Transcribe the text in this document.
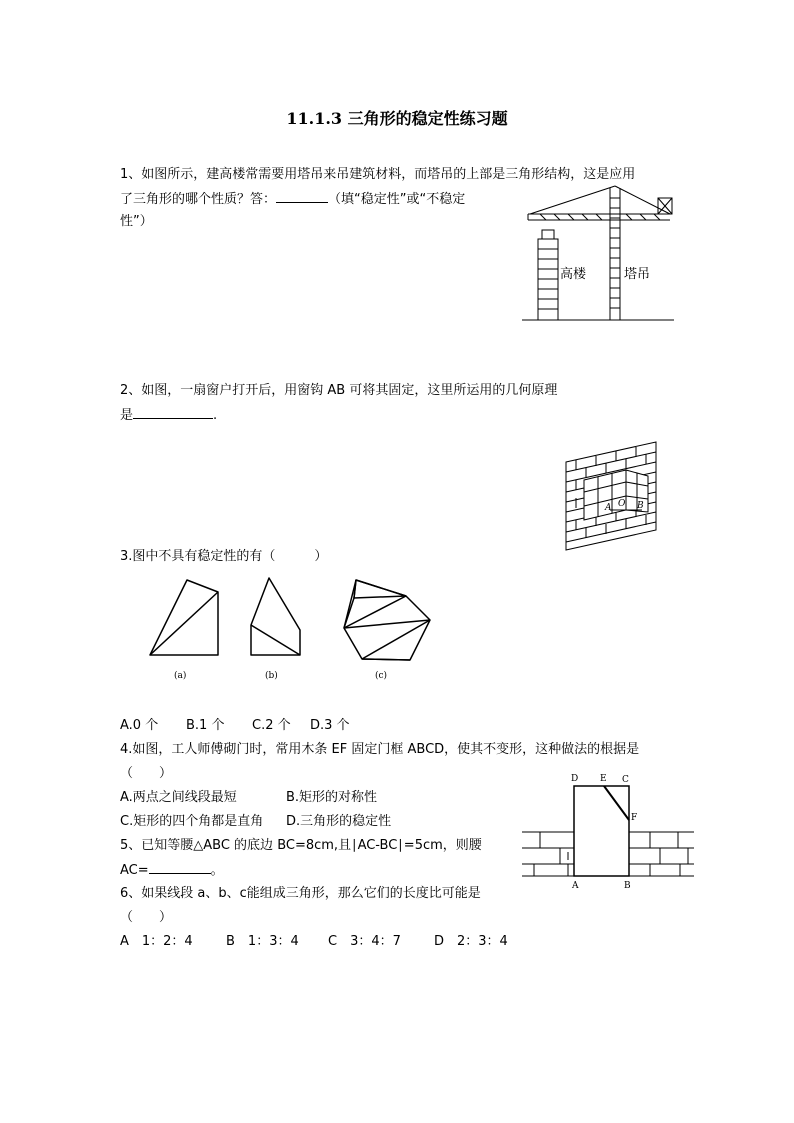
11.1.3 三角形的稳定性练习题
1、如图所示，建高楼常需要用塔吊来吊建筑材料，而塔吊的上部是三角形结构，这是应用
了三角形的哪个性质？答：	（填“稳定性”或“不稳定
性”）
高楼	塔吊
2、如图，一扇窗户打开后，用窗钩 AB 可将其固定，这里所运用的几何原理
是	.
O
A	B
3.图中不具有稳定性的有（　　　）
(a)	(b)	(c)
A.0 个 B.1 个 C.2 个 D.3 个
4.如图，工人师傅砌门时，常用木条 EF 固定门框 ABCD，使其不变形，这种做法的根据是
（　　）
A.两点之间线段最短	B.矩形的对称性
C.矩形的四个角都是直角 D.三角形的稳定性
D E C
F
A	B
5、已知等腰△ABC 的底边 BC=8cm,且∣AC-BC∣=5cm，则腰
AC=	。
6、如果线段 a、b、c能组成三角形，那么它们的长度比可能是
（　　）
A　1：2：4	B　1：3：4 C　3：4：7	D　2：3：4
